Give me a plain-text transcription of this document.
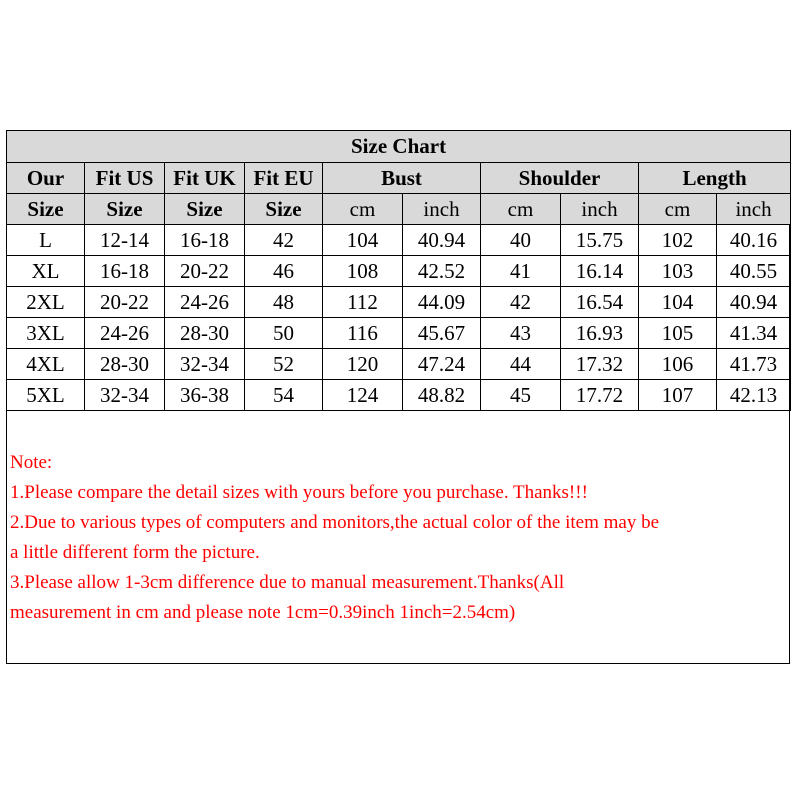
Size Chart									
Our	Fit US	Fit UK	Fit EU	Bust		Shoulder		Length	
Size	Size	Size	Size	cm	inch	cm	inch	cm	inch
L	12-14	16-18	42	104	40.94	40	15.75	102	40.16
XL	16-18	20-22	46	108	42.52	41	16.14	103	40.55
2XL	20-22	24-26	48	112	44.09	42	16.54	104	40.94
3XL	24-26	28-30	50	116	45.67	43	16.93	105	41.34
4XL	28-30	32-34	52	120	47.24	44	17.32	106	41.73
5XL	32-34	36-38	54	124	48.82	45	17.72	107	42.13
Note:
1.Please compare the detail sizes with yours before you purchase. Thanks!!!
2.Due to various types of computers and monitors,the actual color of the item may be
a little different form the picture.
3.Please allow 1-3cm difference due to manual measurement.Thanks(All
measurement in cm and please note 1cm=0.39inch 1inch=2.54cm)
